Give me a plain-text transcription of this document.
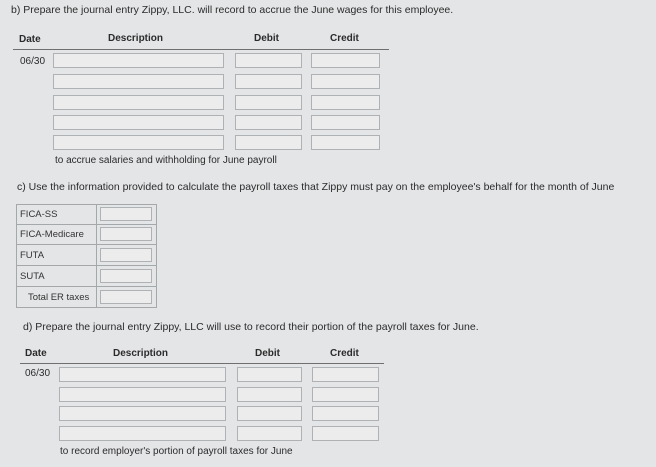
b) Prepare the journal entry Zippy, LLC. will record to accrue the June wages for this employee.
Date	Description	Debit	Credit
06/30
to accrue salaries and withholding for June payroll
c) Use the information provided to calculate the payroll taxes that Zippy must pay on the employee's behalf for the month of June
FICA-SS
FICA-Medicare
FUTA
SUTA
Total ER taxes
d) Prepare the journal entry Zippy, LLC will use to record their portion of the payroll taxes for June.
Date	Description	Debit	Credit
06/30
to record employer's portion of payroll taxes for June
